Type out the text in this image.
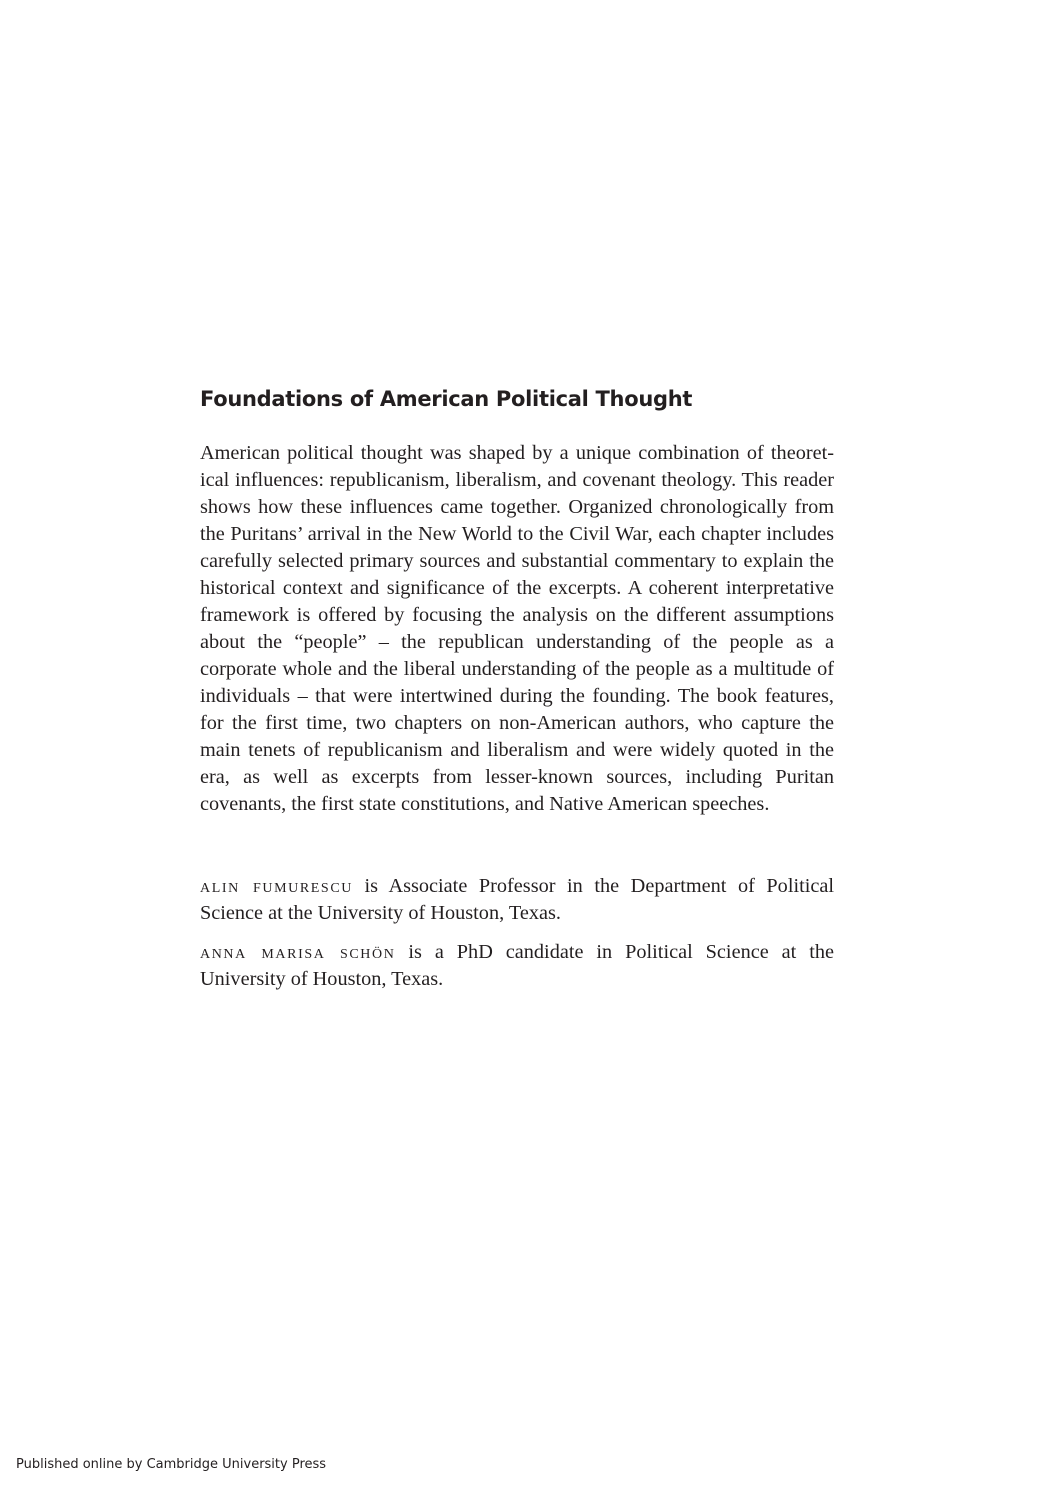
Foundations of American Political Thought

American political thought was shaped by a unique combination of theoretical influences: republicanism, liberalism, and covenant theology. This reader shows how these influences came together. Organized chronologically from the Puritans’ arrival in the New World to the Civil War, each chapter includes carefully selected primary sources and substantial commentary to explain the historical context and significance of the excerpts. A coherent interpretative framework is offered by focusing the analysis on the different assumptions about the “people” – the republican understanding of the people as a corporate whole and the liberal understanding of the people as a multitude of individuals – that were intertwined during the founding. The book features, for the first time, two chapters on non-American authors, who capture the main tenets of republicanism and liberalism and were widely quoted in the era, as well as excerpts from lesser-known sources, including Puritan covenants, the first state constitutions, and Native American speeches.

alin fumurescu is Associate Professor in the Department of Political Science at the University of Houston, Texas.

anna marisa schön is a PhD candidate in Political Science at the University of Houston, Texas.

Published online by Cambridge University Press
